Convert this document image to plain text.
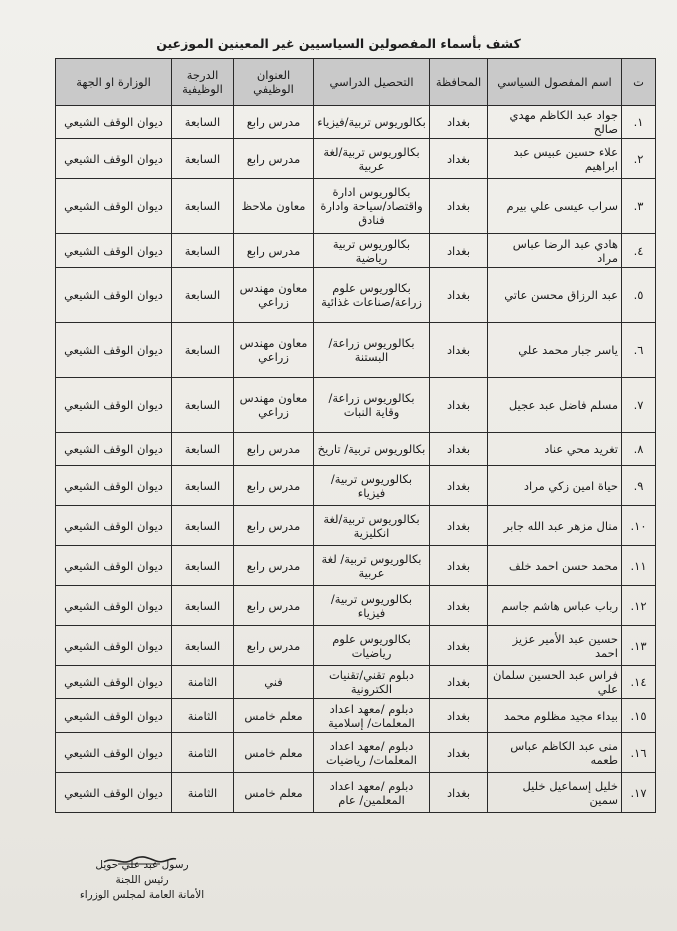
كشف بأسماء المفصولين السياسيين غير المعينين الموزعين
ت	اسم المفصول السياسي	المحافظة	التحصيل الدراسي	العنوان الوظيفي	الدرجة الوظيفية	الوزارة او الجهة
١.	جواد عبد الكاظم مهدي صالح	بغداد	بكالوريوس تربية/فيزياء	مدرس رابع	السابعة	ديوان الوقف الشيعي
٢.	علاء حسين عبيس عبد ابراهيم	بغداد	بكالوريوس تربية/لغة عربية	مدرس رابع	السابعة	ديوان الوقف الشيعي
٣.	سراب عيسى علي بيرم	بغداد	بكالوريوس ادارة واقتصاد/سياحة وادارة فنادق	معاون ملاحظ	السابعة	ديوان الوقف الشيعي
٤.	هادي عبد الرضا عباس مراد	بغداد	بكالوريوس تربية رياضية	مدرس رابع	السابعة	ديوان الوقف الشيعي
٥.	عبد الرزاق محسن عاتي	بغداد	بكالوريوس علوم زراعة/صناعات غذائية	معاون مهندس زراعي	السابعة	ديوان الوقف الشيعي
٦.	ياسر جبار محمد علي	بغداد	بكالوريوس زراعة/ البستنة	معاون مهندس زراعي	السابعة	ديوان الوقف الشيعي
٧.	مسلم فاضل عبد عجيل	بغداد	بكالوريوس زراعة/وقاية النبات	معاون مهندس زراعي	السابعة	ديوان الوقف الشيعي
٨.	تغريد محي عناد	بغداد	بكالوريوس تربية/ تاريخ	مدرس رابع	السابعة	ديوان الوقف الشيعي
٩.	حياة امين زكي مراد	بغداد	بكالوريوس تربية/ فيزياء	مدرس رابع	السابعة	ديوان الوقف الشيعي
١٠.	منال مزهر عبد الله جابر	بغداد	بكالوريوس تربية/لغة انكليزية	مدرس رابع	السابعة	ديوان الوقف الشيعي
١١.	محمد حسن احمد خلف	بغداد	بكالوريوس تربية/ لغة عربية	مدرس رابع	السابعة	ديوان الوقف الشيعي
١٢.	رباب عباس هاشم جاسم	بغداد	بكالوريوس تربية/ فيزياء	مدرس رابع	السابعة	ديوان الوقف الشيعي
١٣.	حسين عبد الأمير عزيز احمد	بغداد	بكالوريوس علوم رياضيات	مدرس رابع	السابعة	ديوان الوقف الشيعي
١٤.	فراس عبد الحسين سلمان علي	بغداد	دبلوم تقني/تقنيات الكترونية	فني	الثامنة	ديوان الوقف الشيعي
١٥.	بيداء مجيد مظلوم محمد	بغداد	دبلوم /معهد اعداد المعلمات/ إسلامية	معلم خامس	الثامنة	ديوان الوقف الشيعي
١٦.	منى عبد الكاظم عباس طعمه	بغداد	دبلوم /معهد اعداد المعلمات/ رياضيات	معلم خامس	الثامنة	ديوان الوقف الشيعي
١٧.	خليل إسماعيل خليل سمين	بغداد	دبلوم /معهد اعداد المعلمين/ عام	معلم خامس	الثامنة	ديوان الوقف الشيعي
رسول عبد علي حويل
رئيس اللجنة
الأمانة العامة لمجلس الوزراء
